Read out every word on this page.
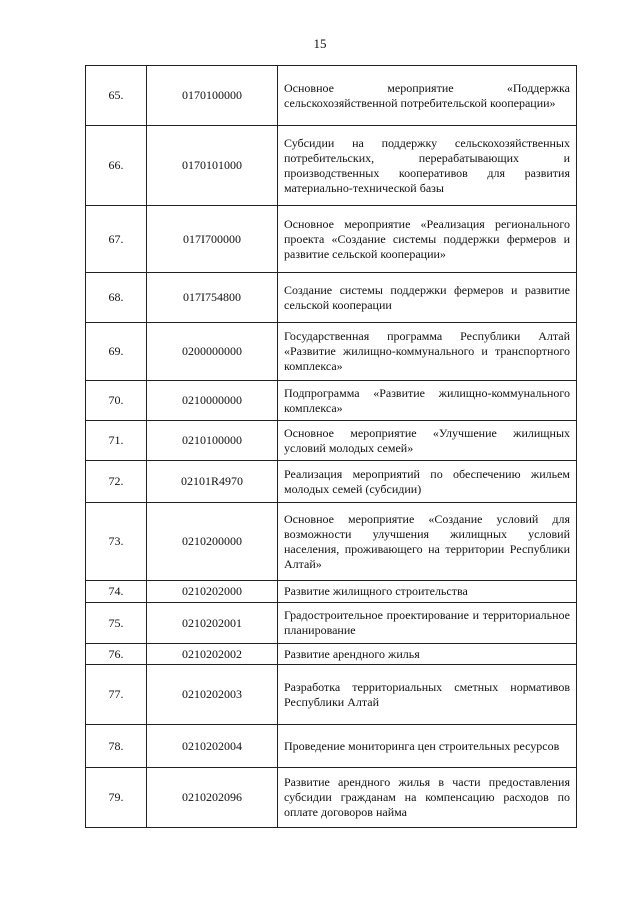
15
65.	0170100000	Основное мероприятие «Поддержка сельскохозяйственной потребительской кооперации»
66.	0170101000	Субсидии на поддержку сельскохозяйственных потребительских, перерабатывающих и производственных кооперативов для развития материально-технической базы
67.	017I700000	Основное мероприятие «Реализация регионального проекта «Создание системы поддержки фермеров и развитие сельской кооперации»
68.	017I754800	Создание системы поддержки фермеров и развитие сельской кооперации
69.	0200000000	Государственная программа Республики Алтай «Развитие жилищно-коммунального и транспортного комплекса»
70.	0210000000	Подпрограмма «Развитие жилищно-коммунального комплекса»
71.	0210100000	Основное мероприятие «Улучшение жилищных условий молодых семей»
72.	02101R4970	Реализация мероприятий по обеспечению жильем молодых семей (субсидии)
73.	0210200000	Основное мероприятие «Создание условий для возможности улучшения жилищных условий населения, проживающего на территории Республики Алтай»
74.	0210202000	Развитие жилищного строительства
75.	0210202001	Градостроительное проектирование и территориальное планирование
76.	0210202002	Развитие арендного жилья
77.	0210202003	Разработка территориальных сметных нормативов Республики Алтай
78.	0210202004	Проведение мониторинга цен строительных ресурсов
79.	0210202096	Развитие арендного жилья в части предоставления субсидии гражданам на компенсацию расходов по оплате договоров найма
